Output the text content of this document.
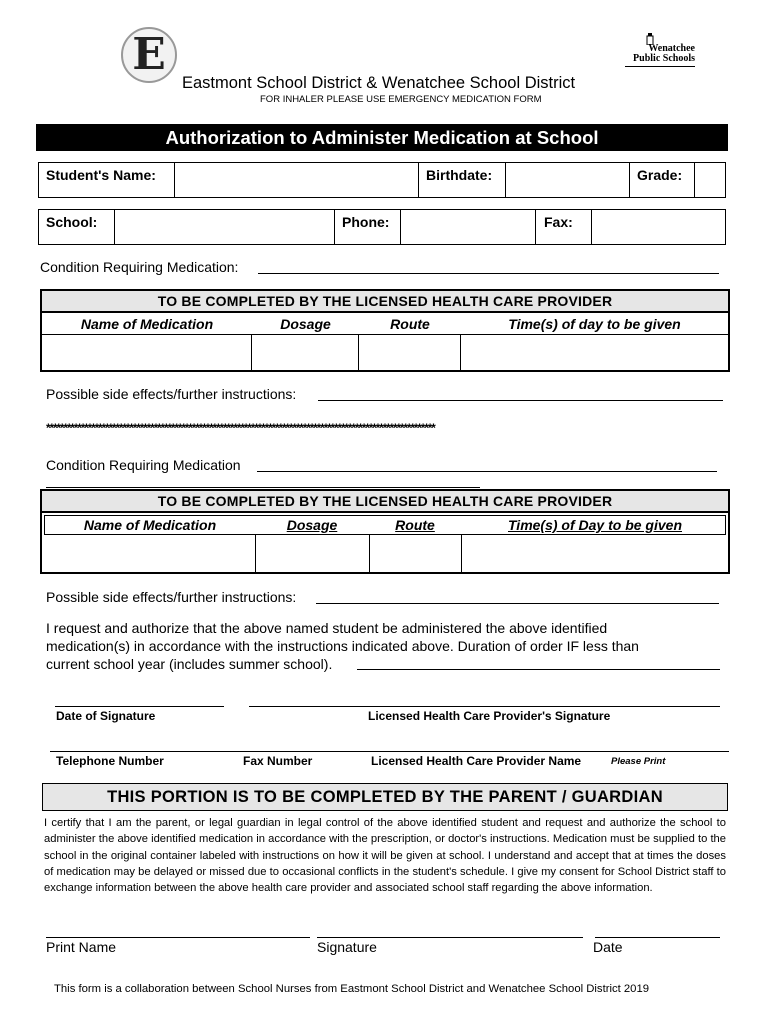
E	Wenatchee
Public Schools
Eastmont School District & Wenatchee School District
FOR INHALER PLEASE USE EMERGENCY MEDICATION FORM
Authorization to Administer Medication at School
Student's Name:	Birthdate:	Grade:
School:	Phone:	Fax:
Condition Requiring Medication:
TO BE COMPLETED BY THE LICENSED HEALTH CARE PROVIDER
Name of Medication	Dosage	Route	Time(s) of day to be given
Possible side effects/further instructions:
****************************************************************************************************************
Condition Requiring Medication
TO BE COMPLETED BY THE LICENSED HEALTH CARE PROVIDER
Name of Medication	Dosage	Route	Time(s) of Day to be given
Possible side effects/further instructions:
I request and authorize that the above named student be administered the above identified
medication(s) in accordance with the instructions indicated above. Duration of order IF less than
current school year (includes summer school).
Date of Signature	Licensed Health Care Provider's Signature
Telephone Number	Fax Number	Licensed Health Care Provider Name	Please Print
THIS PORTION IS TO BE COMPLETED BY THE PARENT / GUARDIAN
I certify that I am the parent, or legal guardian in legal control of the above identified student and request and authorize the school to administer the above identified medication in accordance with the prescription, or doctor's instructions. Medication must be supplied to the school in the original container labeled with instructions on how it will be given at school. I understand and accept that at times the doses of medication may be delayed or missed due to occasional conflicts in the student's schedule. I give my consent for School District staff to exchange information between the above health care provider and associated school staff regarding the above information.
Print Name	Signature	Date
This form is a collaboration between School Nurses from Eastmont School District and Wenatchee School District 2019
